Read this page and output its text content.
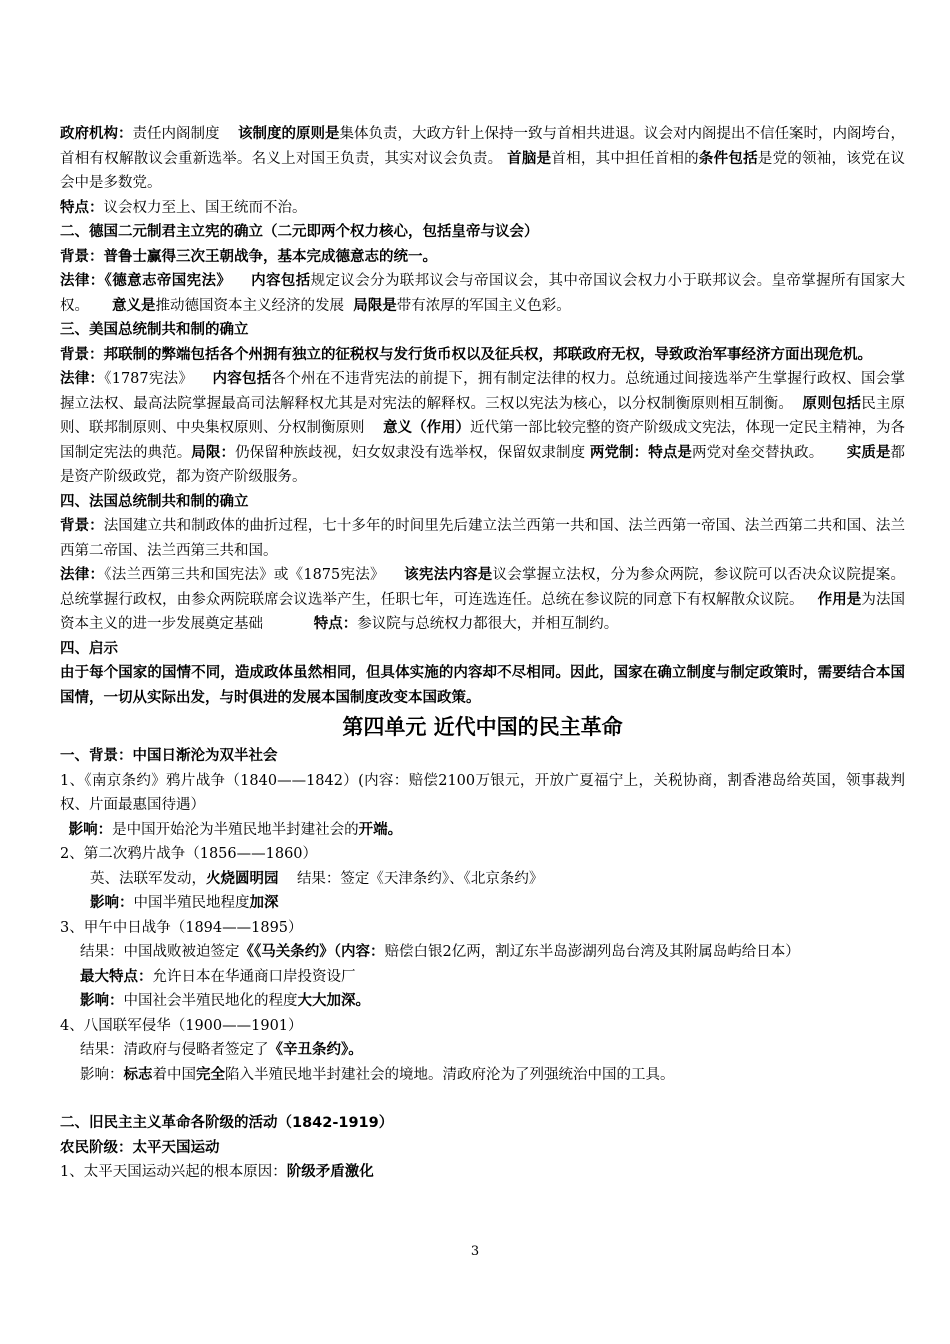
政府机构：责任内阁制度 该制度的原则是集体负责，大政方针上保持一致与首相共进退。议会对内阁提出不信任案时，内阁垮台，首相有权解散议会重新选举。名义上对国王负责，其实对议会负责。 首脑是首相，其中担任首相的条件包括是党的领袖，该党在议会中是多数党。

特点：议会权力至上、国王统而不治。

二、德国二元制君主立宪的确立（二元即两个权力核心，包括皇帝与议会）

背景：普鲁士赢得三次王朝战争，基本完成德意志的统一。

法律：《德意志帝国宪法》 内容包括规定议会分为联邦议会与帝国议会，其中帝国议会权力小于联邦议会。皇帝掌握所有国家大权。 意义是推动德国资本主义经济的发展 局限是带有浓厚的军国主义色彩。

三、美国总统制共和制的确立

背景：邦联制的弊端包括各个州拥有独立的征税权与发行货币权以及征兵权，邦联政府无权，导致政治军事经济方面出现危机。

法律：《1787宪法》 内容包括各个州在不违背宪法的前提下，拥有制定法律的权力。总统通过间接选举产生掌握行政权、国会掌握立法权、最高法院掌握最高司法解释权尤其是对宪法的解释权。三权以宪法为核心，以分权制衡原则相互制衡。 原则包括民主原则、联邦制原则、中央集权原则、分权制衡原则 意义（作用）近代第一部比较完整的资产阶级成文宪法，体现一定民主精神，为各国制定宪法的典范。局限：仍保留种族歧视，妇女奴隶没有选举权，保留奴隶制度 两党制：特点是两党对垒交替执政。 实质是都是资产阶级政党，都为资产阶级服务。

四、法国总统制共和制的确立

背景：法国建立共和制政体的曲折过程，七十多年的时间里先后建立法兰西第一共和国、法兰西第一帝国、法兰西第二共和国、法兰西第二帝国、法兰西第三共和国。

法律：《法兰西第三共和国宪法》或《1875宪法》 该宪法内容是议会掌握立法权，分为参众两院，参议院可以否决众议院提案。总统掌握行政权，由参众两院联席会议选举产生，任职七年，可连选连任。总统在参议院的同意下有权解散众议院。 作用是为法国资本主义的进一步发展奠定基础	特点：参议院与总统权力都很大，并相互制约。

四、启示

由于每个国家的国情不同，造成政体虽然相同，但具体实施的内容却不尽相同。因此，国家在确立制度与制定政策时，需要结合本国国情，一切从实际出发，与时俱进的发展本国制度改变本国政策。

第四单元 近代中国的民主革命

一、背景：中国日渐沦为双半社会

1、《南京条约》鸦片战争（1840——1842）(内容：赔偿2100万银元，开放广夏福宁上，关税协商，割香港岛给英国，领事裁判权、片面最惠国待遇）

影响：是中国开始沦为半殖民地半封建社会的开端。

2、第二次鸦片战争（1856——1860）

英、法联军发动，火烧圆明园 结果：签定《天津条约》、《北京条约》

影响：中国半殖民地程度加深

3、甲午中日战争（1894——1895）

结果：中国战败被迫签定《《马关条约》（内容：赔偿白银2亿两，割辽东半岛澎湖列岛台湾及其附属岛屿给日本）

最大特点：允许日本在华通商口岸投资设厂

影响：中国社会半殖民地化的程度大大加深。

4、八国联军侵华（1900——1901）

结果：清政府与侵略者签定了《辛丑条约》。

影响：标志着中国完全陷入半殖民地半封建社会的境地。清政府沦为了列强统治中国的工具。

二、旧民主主义革命各阶级的活动（1842-1919）

农民阶级：太平天国运动

1、太平天国运动兴起的根本原因：阶级矛盾激化

3
